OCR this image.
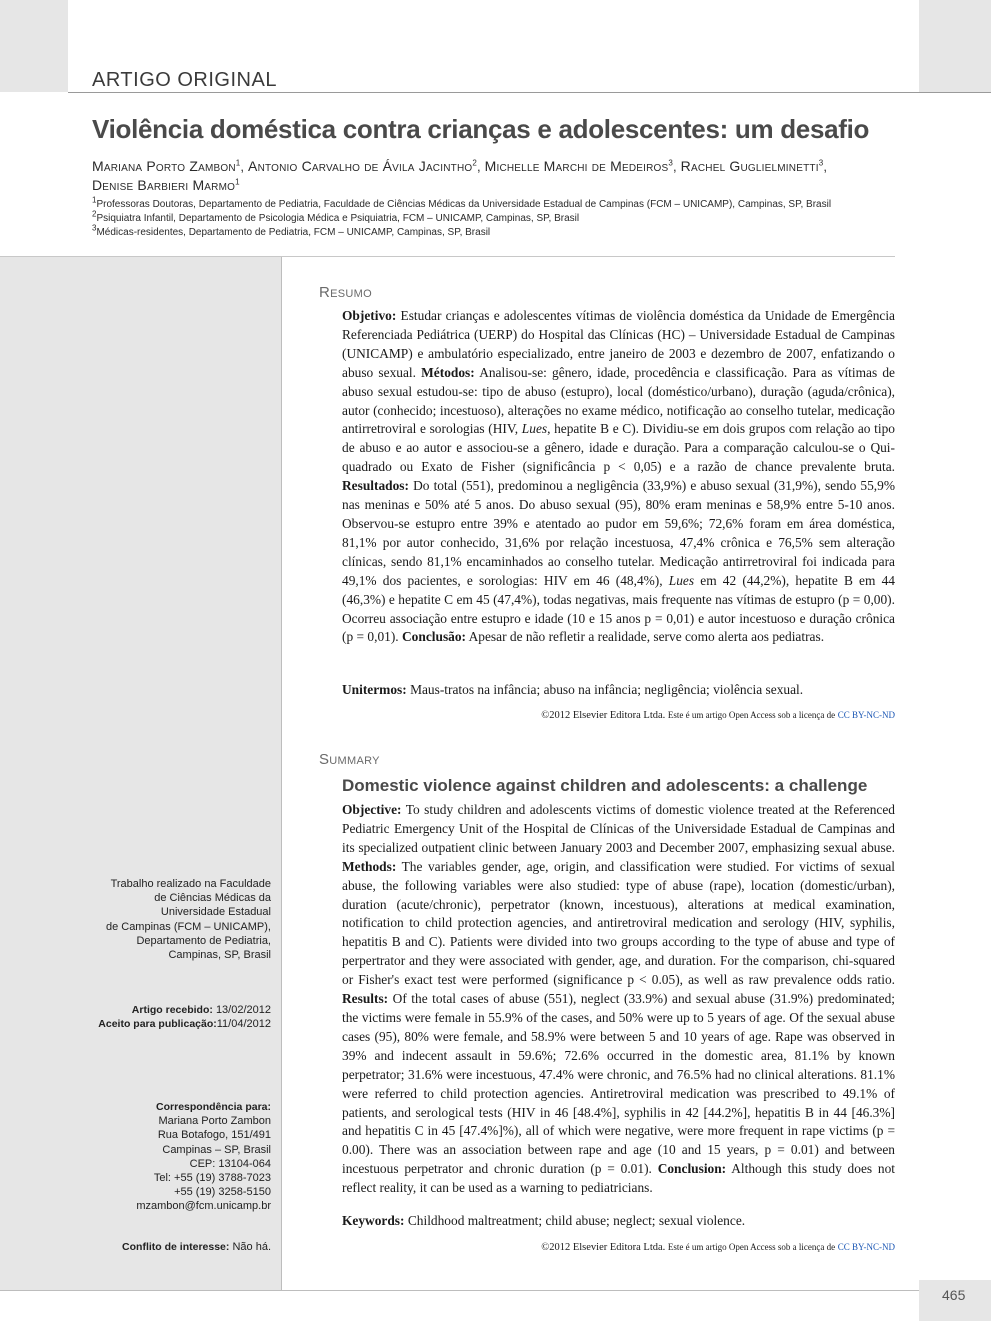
ARTIGO ORIGINAL
Violência doméstica contra crianças e adolescentes: um desafio
Mariana Porto Zambon$^1$, Antonio Carvalho de Ávila Jacintho$^2$, Michelle Marchi de Medeiros$^3$, Rachel Guglielminetti$^3$,
Denise Barbieri Marmo$^1$
$^1$Professoras Doutoras, Departamento de Pediatria, Faculdade de Ciências Médicas da Universidade Estadual de Campinas (FCM – UNICAMP), Campinas, SP, Brasil
$^2$Psiquiatra Infantil, Departamento de Psicologia Médica e Psiquiatria, FCM – UNICAMP, Campinas, SP, Brasil
$^3$Médicas-residentes, Departamento de Pediatria, FCM – UNICAMP, Campinas, SP, Brasil
Resumo
Objetivo: Estudar crianças e adolescentes vítimas de violência doméstica da Unidade de Emergência Referenciada Pediátrica (UERP) do Hospital das Clínicas (HC) – Universidade Estadual de Campinas (UNICAMP) e ambulatório especializado, entre janeiro de 2003 e dezembro de 2007, enfatizando o abuso sexual. Métodos: Analisou-se: gênero, idade, procedência e classificação. Para as vítimas de abuso sexual estudou-se: tipo de abuso (estupro), local (doméstico/urbano), duração (aguda/crônica), autor (conhecido; incestuoso), alterações no exame médico, notificação ao conselho tutelar, medicação antirretroviral e sorologias (HIV, Lues, hepatite B e C). Dividiu-se em dois grupos com relação ao tipo de abuso e ao autor e associou-se a gênero, idade e duração. Para a comparação calculou-se o Qui-quadrado ou Exato de Fisher (significância p < 0,05) e a razão de chance prevalente bruta. Resultados: Do total (551), predominou a negligência (33,9%) e abuso sexual (31,9%), sendo 55,9% nas meninas e 50% até 5 anos. Do abuso sexual (95), 80% eram meninas e 58,9% entre 5-10 anos. Observou-se estupro entre 39% e atentado ao pudor em 59,6%; 72,6% foram em área doméstica, 81,1% por autor conhecido, 31,6% por relação incestuosa, 47,4% crônica e 76,5% sem alteração clínicas, sendo 81,1% encaminhados ao conselho tutelar. Medicação antirretroviral foi indicada para 49,1% dos pacientes, e sorologias: HIV em 46 (48,4%), Lues em 42 (44,2%), hepatite B em 44 (46,3%) e hepatite C em 45 (47,4%), todas negativas, mais frequente nas vítimas de estupro (p = 0,00). Ocorreu associação entre estupro e idade (10 e 15 anos p = 0,01) e autor incestuoso e duração crônica (p = 0,01). Conclusão: Apesar de não refletir a realidade, serve como alerta aos pediatras.
Unitermos: Maus-tratos na infância; abuso na infância; negligência; violência sexual.
©2012 Elsevier Editora Ltda. Este é um artigo Open Access sob a licença de CC BY-NC-ND
Summary
Domestic violence against children and adolescents: a challenge
Objective: To study children and adolescents victims of domestic violence treated at the Referenced Pediatric Emergency Unit of the Hospital de Clínicas of the Universidade Estadual de Campinas and its specialized outpatient clinic between January 2003 and December 2007, emphasizing sexual abuse. Methods: The variables gender, age, origin, and classification were studied. For victims of sexual abuse, the following variables were also studied: type of abuse (rape), location (domestic/urban), duration (acute/chronic), perpetrator (known, incestuous), alterations at medical examination, notification to child protection agencies, and antiretroviral medication and serology (HIV, syphilis, hepatitis B and C). Patients were divided into two groups according to the type of abuse and type of perpertrator and they were associated with gender, age, and duration. For the comparison, chi-squared or Fisher's exact test were performed (significance p < 0.05), as well as raw prevalence odds ratio. Results: Of the total cases of abuse (551), neglect (33.9%) and sexual abuse (31.9%) predominated; the victims were female in 55.9% of the cases, and 50% were up to 5 years of age. Of the sexual abuse cases (95), 80% were female, and 58.9% were between 5 and 10 years of age. Rape was observed in 39% and indecent assault in 59.6%; 72.6% occurred in the domestic area, 81.1% by known perpetrator; 31.6% were incestuous, 47.4% were chronic, and 76.5% had no clinical alterations. 81.1% were referred to child protection agencies. Antiretroviral medication was prescribed to 49.1% of patients, and serological tests (HIV in 46 [48.4%], syphilis in 42 [44.2%], hepatitis B in 44 [46.3%] and hepatitis C in 45 [47.4%]%), all of which were negative, were more frequent in rape victims (p = 0.00). There was an association between rape and age (10 and 15 years, p = 0.01) and between incestuous perpetrator and chronic duration (p = 0.01). Conclusion: Although this study does not reflect reality, it can be used as a warning to pediatricians.
Keywords: Childhood maltreatment; child abuse; neglect; sexual violence.
©2012 Elsevier Editora Ltda. Este é um artigo Open Access sob a licença de CC BY-NC-ND
Trabalho realizado na Faculdade
de Ciências Médicas da
Universidade Estadual
de Campinas (FCM – UNICAMP),
Departamento de Pediatria,
Campinas, SP, Brasil
Artigo recebido: 13/02/2012
Aceito para publicação:11/04/2012
Correspondência para:
Mariana Porto Zambon
Rua Botafogo, 151/491
Campinas – SP, Brasil
CEP: 13104-064
Tel: +55 (19) 3788-7023
+55 (19) 3258-5150
mzambon@fcm.unicamp.br
Conflito de interesse: Não há.
465
